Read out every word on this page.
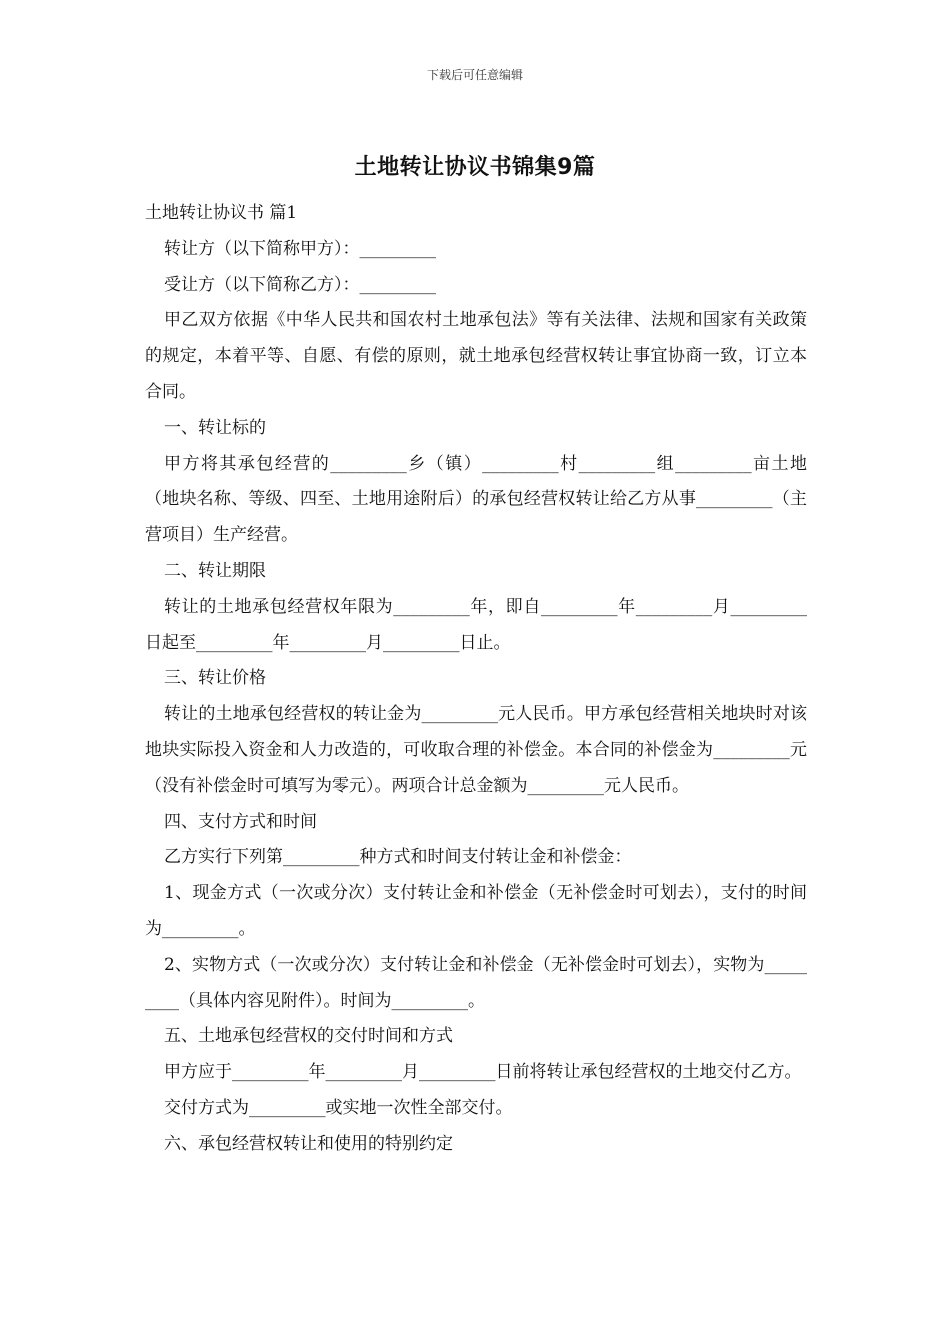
下载后可任意编辑
土地转让协议书锦集9篇

土地转让协议书 篇1

转让方（以下简称甲方）：_________

受让方（以下简称乙方）：_________

甲乙双方依据《中华人民共和国农村土地承包法》等有关法律、法规和国家有关政策的规定，本着平等、自愿、有偿的原则，就土地承包经营权转让事宜协商一致，订立本合同。

一、转让标的

甲方将其承包经营的_________乡（镇）_________村_________组_________亩土地（地块名称、等级、四至、土地用途附后）的承包经营权转让给乙方从事_________（主营项目）生产经营。

二、转让期限

转让的土地承包经营权年限为_________年，即自_________年_________月_________日起至_________年_________月_________日止。

三、转让价格

转让的土地承包经营权的转让金为_________元人民币。甲方承包经营相关地块时对该地块实际投入资金和人力改造的，可收取合理的补偿金。本合同的补偿金为_________元（没有补偿金时可填写为零元）。两项合计总金额为_________元人民币。

四、支付方式和时间

乙方实行下列第_________种方式和时间支付转让金和补偿金：

1、现金方式（一次或分次）支付转让金和补偿金（无补偿金时可划去），支付的时间为_________。

2、实物方式（一次或分次）支付转让金和补偿金（无补偿金时可划去），实物为_________（具体内容见附件）。时间为_________。

五、土地承包经营权的交付时间和方式

甲方应于_________年_________月_________日前将转让承包经营权的土地交付乙方。

交付方式为_________或实地一次性全部交付。

六、承包经营权转让和使用的特别约定
